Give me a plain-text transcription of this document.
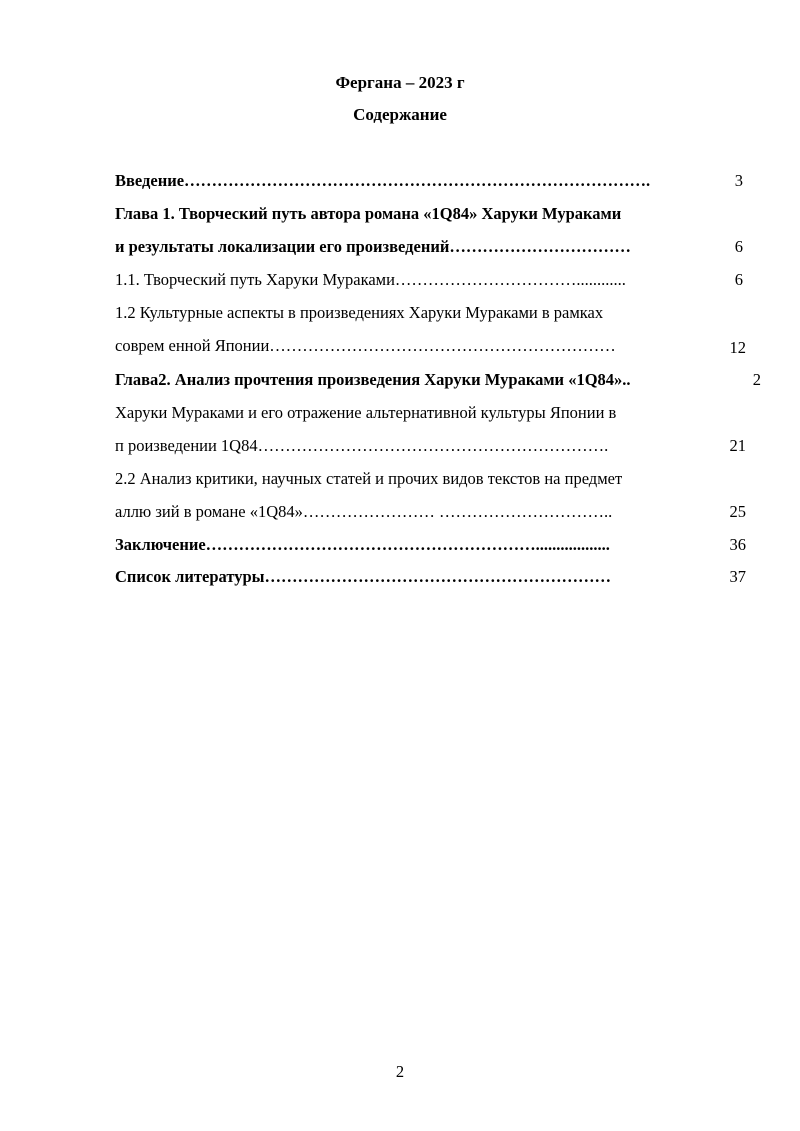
Фергана – 2023 г
Содержание
Введение………………………………………………………………………….	3
Глава 1. Творческий путь автора романа «1Q84» Харуки Мураками
и результаты локализации его произведений……………………………	6
1.1. Творческий путь Харуки Мураками……………………………............	6
1.2 Культурные аспекты в произведениях Харуки Мураками в рамках
соврем енной Японии………………………………………………………	12
Глава2. Анализ прочтения произведения Харуки Мураками «1Q84»..	2
Харуки Мураками и его отражение альтернативной культуры Японии в
п роизведении 1Q84……………………………………………………….	21
2.2 Анализ критики, научных статей и прочих видов текстов на предмет
аллю зий в романе «1Q84»…………………… …………………………..	25
Заключение……………………………………………………..................	36
Список литературы………………………………………………………	37
2
